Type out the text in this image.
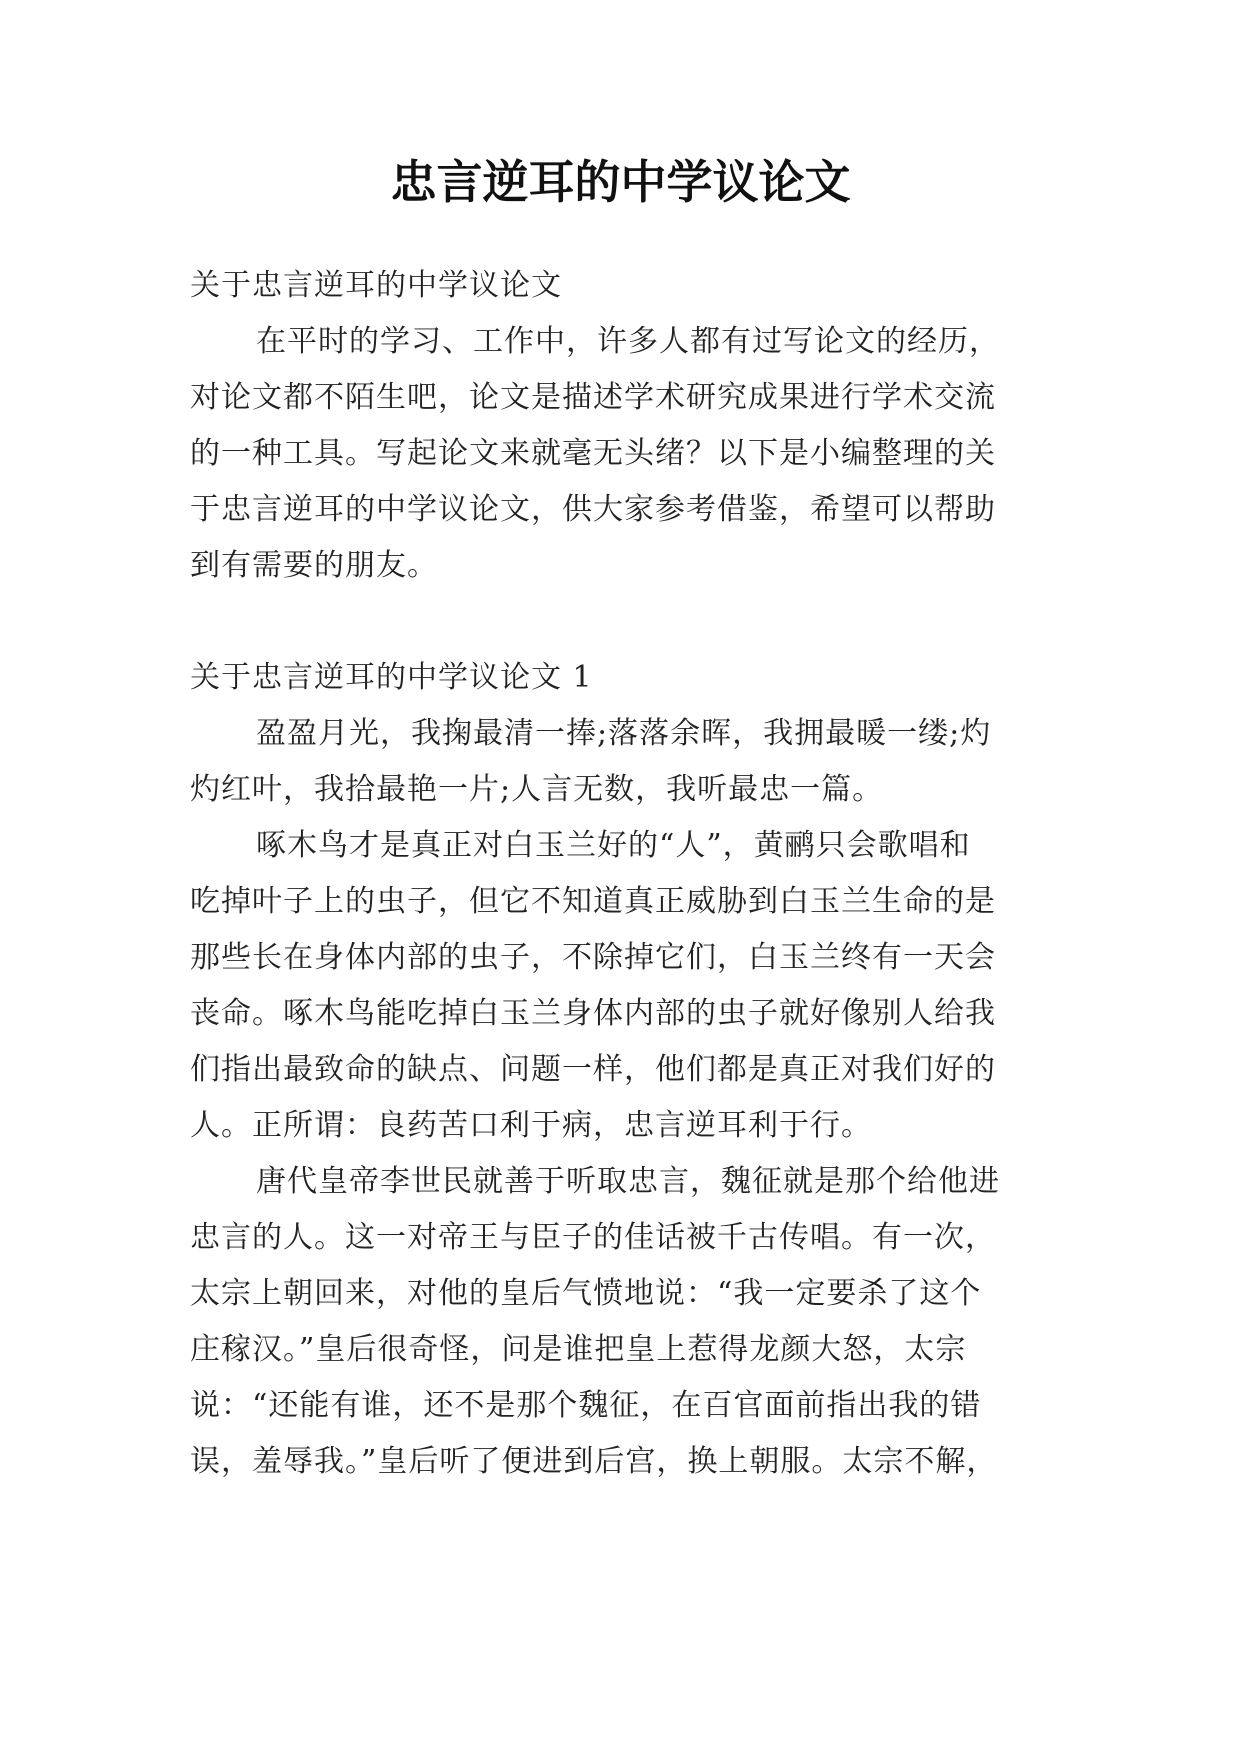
忠言逆耳的中学议论文
关于忠言逆耳的中学议论文
在平时的学习、工作中，许多人都有过写论文的经历，
对论文都不陌生吧，论文是描述学术研究成果进行学术交流
的一种工具。写起论文来就毫无头绪？以下是小编整理的关
于忠言逆耳的中学议论文，供大家参考借鉴，希望可以帮助
到有需要的朋友。
关于忠言逆耳的中学议论文 1
盈盈月光，我掬最清一捧;落落余晖，我拥最暖一缕;灼
灼红叶，我拾最艳一片;人言无数，我听最忠一篇。
啄木鸟才是真正对白玉兰好的“人”，黄鹂只会歌唱和
吃掉叶子上的虫子，但它不知道真正威胁到白玉兰生命的是
那些长在身体内部的虫子，不除掉它们，白玉兰终有一天会
丧命。啄木鸟能吃掉白玉兰身体内部的虫子就好像别人给我
们指出最致命的缺点、问题一样，他们都是真正对我们好的
人。正所谓：良药苦口利于病，忠言逆耳利于行。
唐代皇帝李世民就善于听取忠言，魏征就是那个给他进
忠言的人。这一对帝王与臣子的佳话被千古传唱。有一次，
太宗上朝回来，对他的皇后气愤地说：“我一定要杀了这个
庄稼汉。”皇后很奇怪，问是谁把皇上惹得龙颜大怒，太宗
说：“还能有谁，还不是那个魏征，在百官面前指出我的错
误，羞辱我。”皇后听了便进到后宫，换上朝服。太宗不解，
